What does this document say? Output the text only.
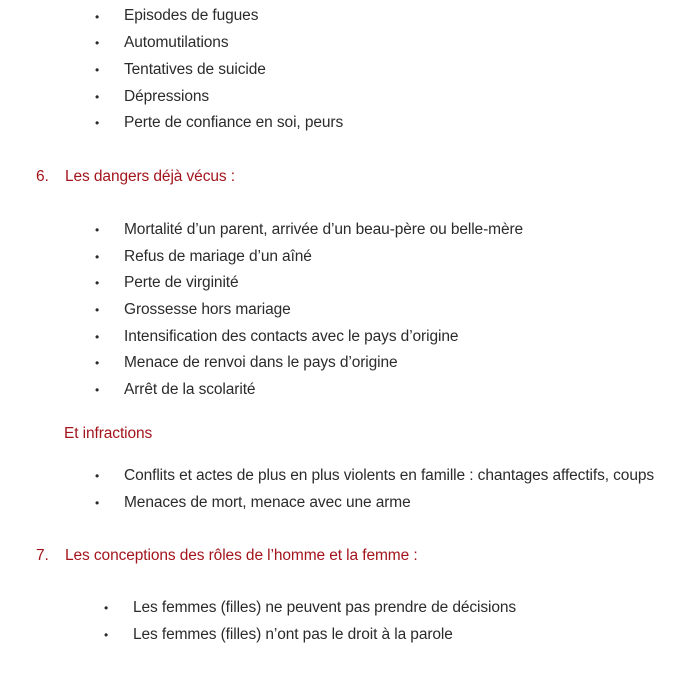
• Episodes de fugues
• Automutilations
• Tentatives de suicide
• Dépressions
• Perte de confiance en soi, peurs
6. Les dangers déjà vécus :
• Mortalité d’un parent, arrivée d’un beau-père ou belle-mère
• Refus de mariage d’un aîné
• Perte de virginité
• Grossesse hors mariage
• Intensification des contacts avec le pays d’origine
• Menace de renvoi dans le pays d’origine
• Arrêt de la scolarité
Et infractions
• Conflits et actes de plus en plus violents en famille : chantages affectifs, coups
• Menaces de mort, menace avec une arme
7. Les conceptions des rôles de l’homme et la femme :
• Les femmes (filles) ne peuvent pas prendre de décisions
• Les femmes (filles) n’ont pas le droit à la parole
